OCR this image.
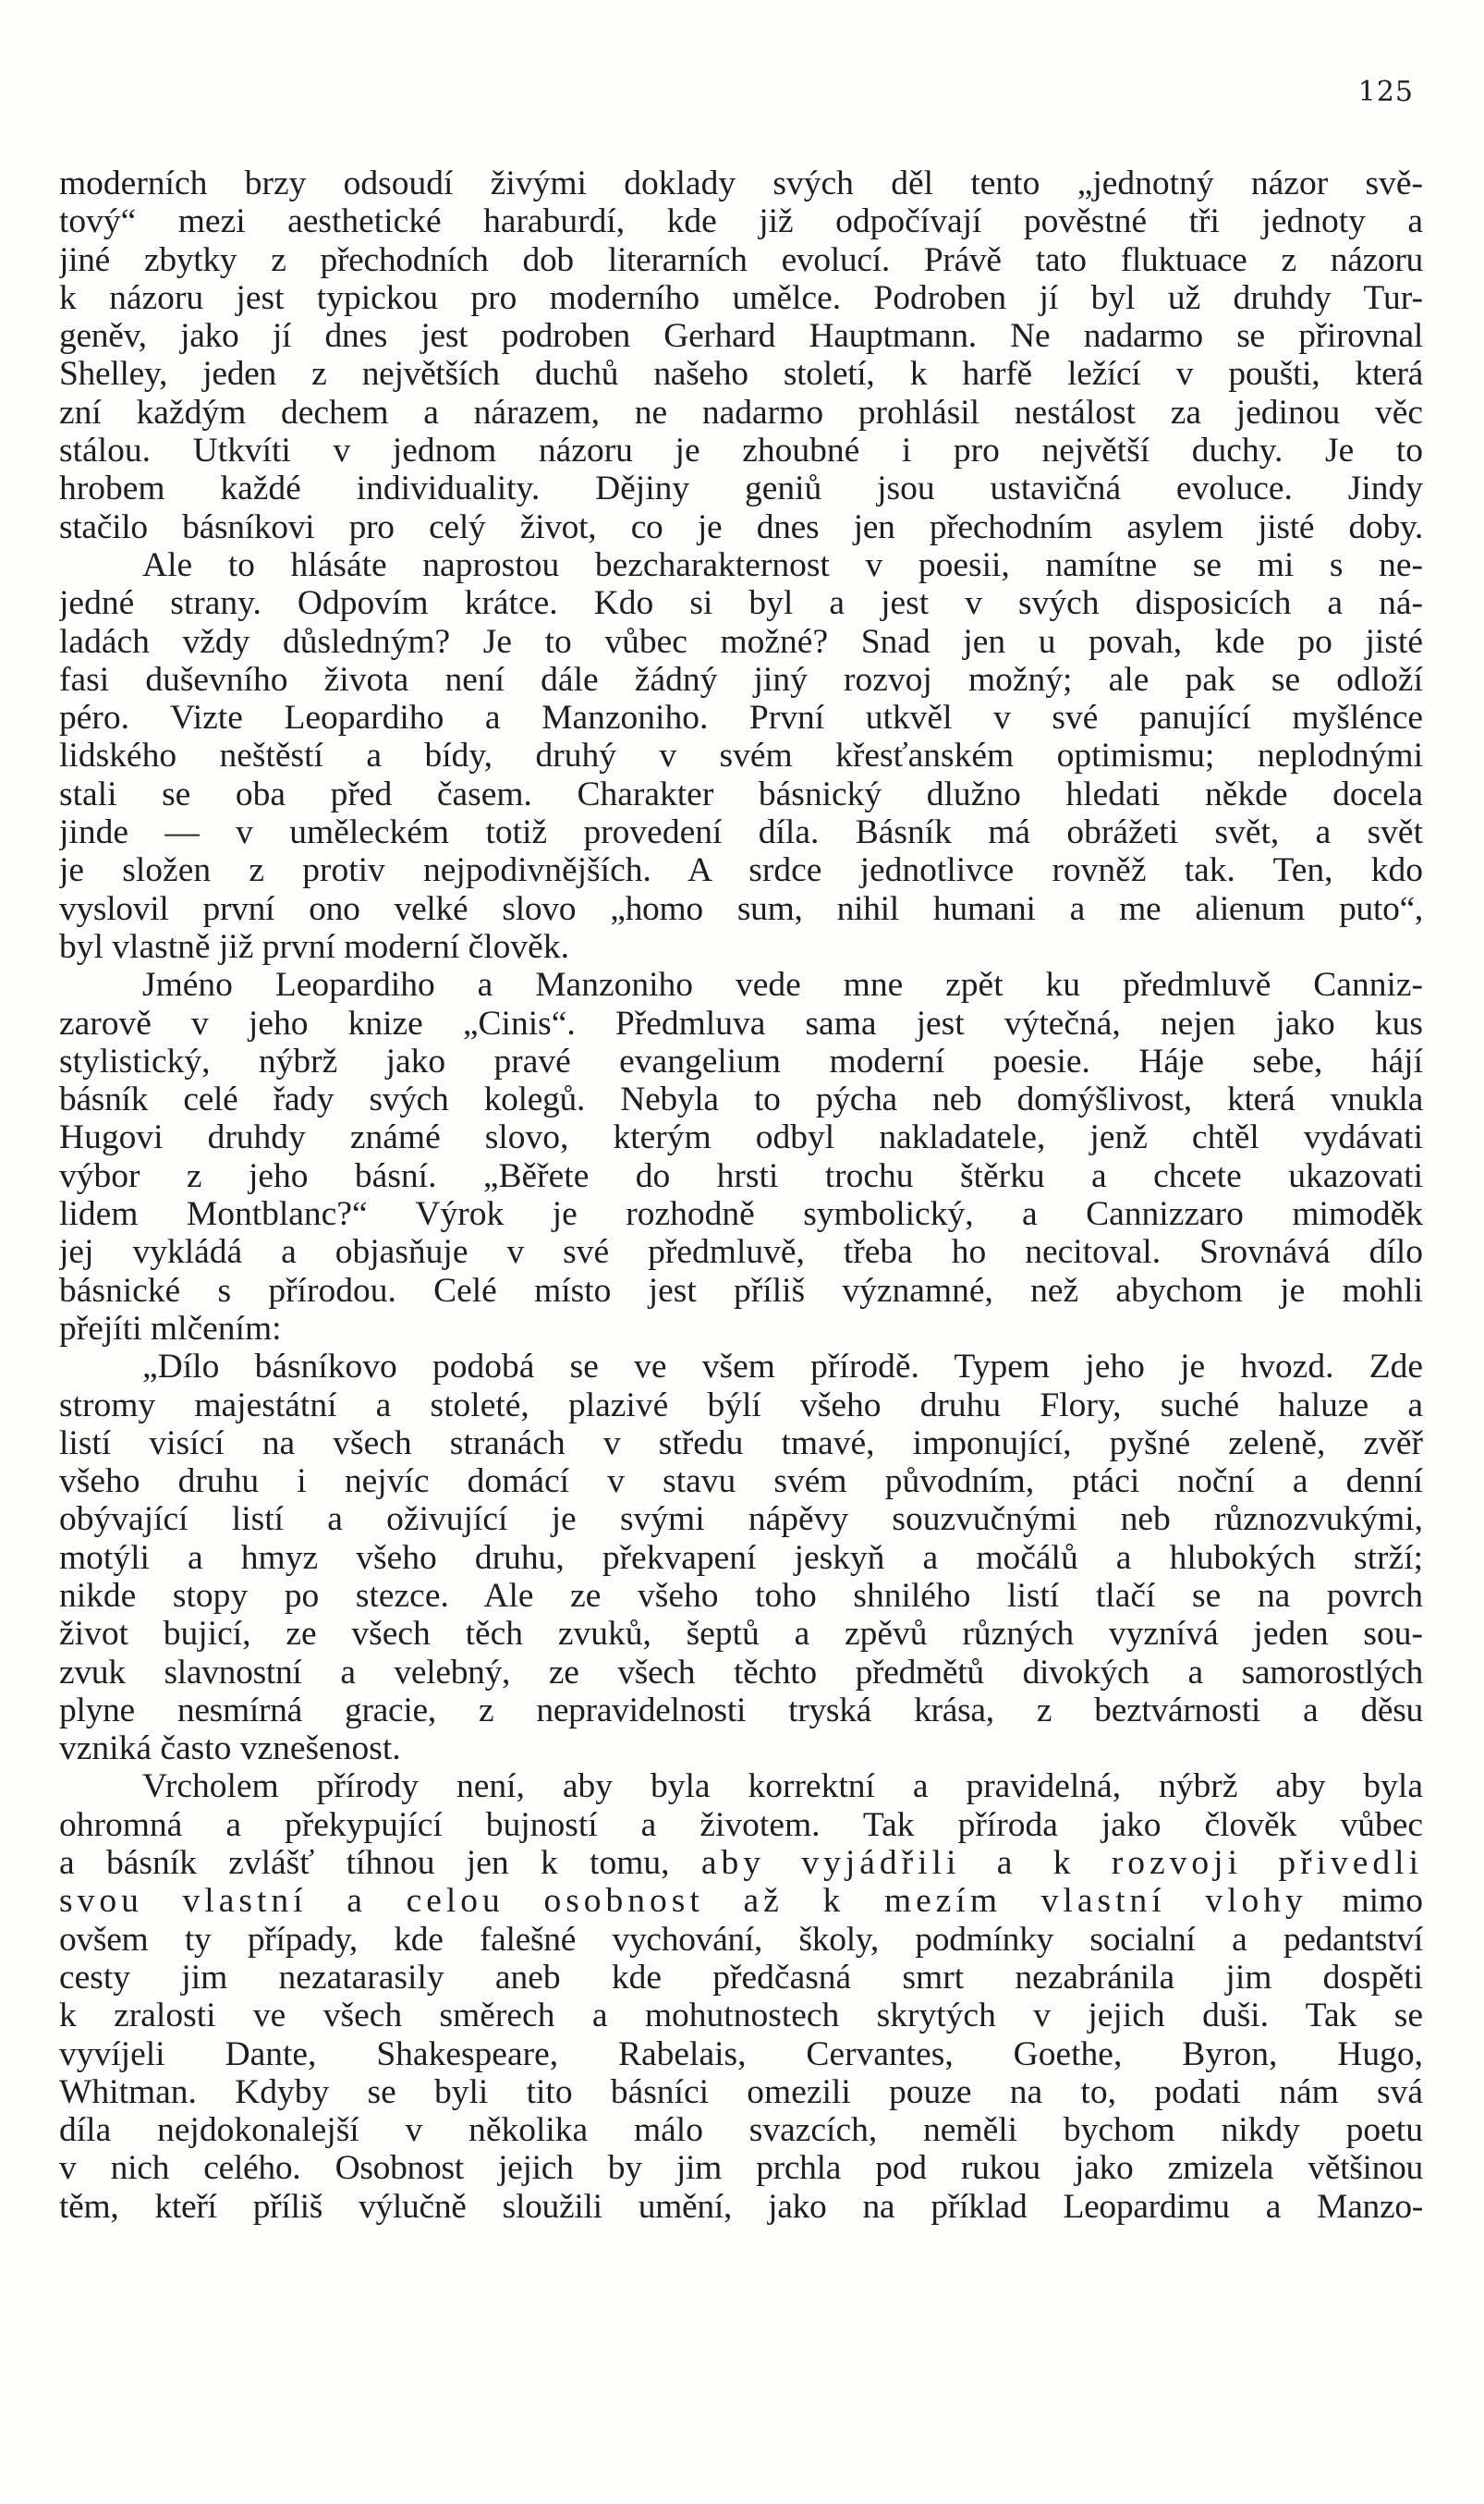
125
moderních brzy odsoudí živými doklady svých děl tento „jednotný názor svě-
tový“ mezi aesthetické haraburdí, kde již odpočívají pověstné tři jednoty a
jiné zbytky z přechodních dob literarních evolucí. Právě tato fluktuace z názoru
k názoru jest typickou pro moderního umělce. Podroben jí byl už druhdy Tur-
geněv, jako jí dnes jest podroben Gerhard Hauptmann. Ne nadarmo se přirovnal
Shelley, jeden z největších duchů našeho století, k harfě ležící v poušti, která
zní každým dechem a nárazem, ne nadarmo prohlásil nestálost za jedinou věc
stálou. Utkvíti v jednom názoru je zhoubné i pro největší duchy. Je to
hrobem každé individuality. Dějiny geniů jsou ustavičná evoluce. Jindy
stačilo básníkovi pro celý život, co je dnes jen přechodním asylem jisté doby.
Ale to hlásáte naprostou bezcharakternost v poesii, namítne se mi s ne-
jedné strany. Odpovím krátce. Kdo si byl a jest v svých disposicích a ná-
ladách vždy důsledným? Je to vůbec možné? Snad jen u povah, kde po jisté
fasi duševního života není dále žádný jiný rozvoj možný; ale pak se odloží
péro. Vizte Leopardiho a Manzoniho. První utkvěl v své panující myšlénce
lidského neštěstí a bídy, druhý v svém křesťanském optimismu; neplodnými
stali se oba před časem. Charakter básnický dlužno hledati někde docela
jinde — v uměleckém totiž provedení díla. Básník má obrážeti svět, a svět
je složen z protiv nejpodivnějších. A srdce jednotlivce rovněž tak. Ten, kdo
vyslovil první ono velké slovo „homo sum, nihil humani a me alienum puto“,
byl vlastně již první moderní člověk.
Jméno Leopardiho a Manzoniho vede mne zpět ku předmluvě Canniz-
zarově v jeho knize „Cinis“. Předmluva sama jest výtečná, nejen jako kus
stylistický, nýbrž jako pravé evangelium moderní poesie. Háje sebe, hájí
básník celé řady svých kolegů. Nebyla to pýcha neb domýšlivost, která vnukla
Hugovi druhdy známé slovo, kterým odbyl nakladatele, jenž chtěl vydávati
výbor z jeho básní. „Běřete do hrsti trochu štěrku a chcete ukazovati
lidem Montblanc?“ Výrok je rozhodně symbolický, a Cannizzaro mimoděk
jej vykládá a objasňuje v své předmluvě, třeba ho necitoval. Srovnává dílo
básnické s přírodou. Celé místo jest příliš významné, než abychom je mohli
přejíti mlčením:
„Dílo básníkovo podobá se ve všem přírodě. Typem jeho je hvozd. Zde
stromy majestátní a stoleté, plazivé býlí všeho druhu Flory, suché haluze a
listí visící na všech stranách v středu tmavé, imponující, pyšné zeleně, zvěř
všeho druhu i nejvíc domácí v stavu svém původním, ptáci noční a denní
obývající listí a oživující je svými nápěvy souzvučnými neb různozvukými,
motýli a hmyz všeho druhu, překvapení jeskyň a močálů a hlubokých strží;
nikde stopy po stezce. Ale ze všeho toho shnilého listí tlačí se na povrch
život bujicí, ze všech těch zvuků, šeptů a zpěvů různých vyznívá jeden sou-
zvuk slavnostní a velebný, ze všech těchto předmětů divokých a samorostlých
plyne nesmírná gracie, z nepravidelnosti tryská krása, z beztvárnosti a děsu
vzniká často vznešenost.
Vrcholem přírody není, aby byla korrektní a pravidelná, nýbrž aby byla
ohromná a překypující bujností a životem. Tak příroda jako člověk vůbec
a básník zvlášť tíhnou jen k tomu, aby vyjádřili a k rozvoji přivedli
svou vlastní a celou osobnost až k mezím vlastní vlohy mimo
ovšem ty případy, kde falešné vychování, školy, podmínky socialní a pedantství
cesty jim nezatarasily aneb kde předčasná smrt nezabránila jim dospěti
k zralosti ve všech směrech a mohutnostech skrytých v jejich duši. Tak se
vyvíjeli Dante, Shakespeare, Rabelais, Cervantes, Goethe, Byron, Hugo,
Whitman. Kdyby se byli tito básníci omezili pouze na to, podati nám svá
díla nejdokonalejší v několika málo svazcích, neměli bychom nikdy poetu
v nich celého. Osobnost jejich by jim prchla pod rukou jako zmizela většinou
těm, kteří příliš výlučně sloužili umění, jako na příklad Leopardimu a Manzo-
